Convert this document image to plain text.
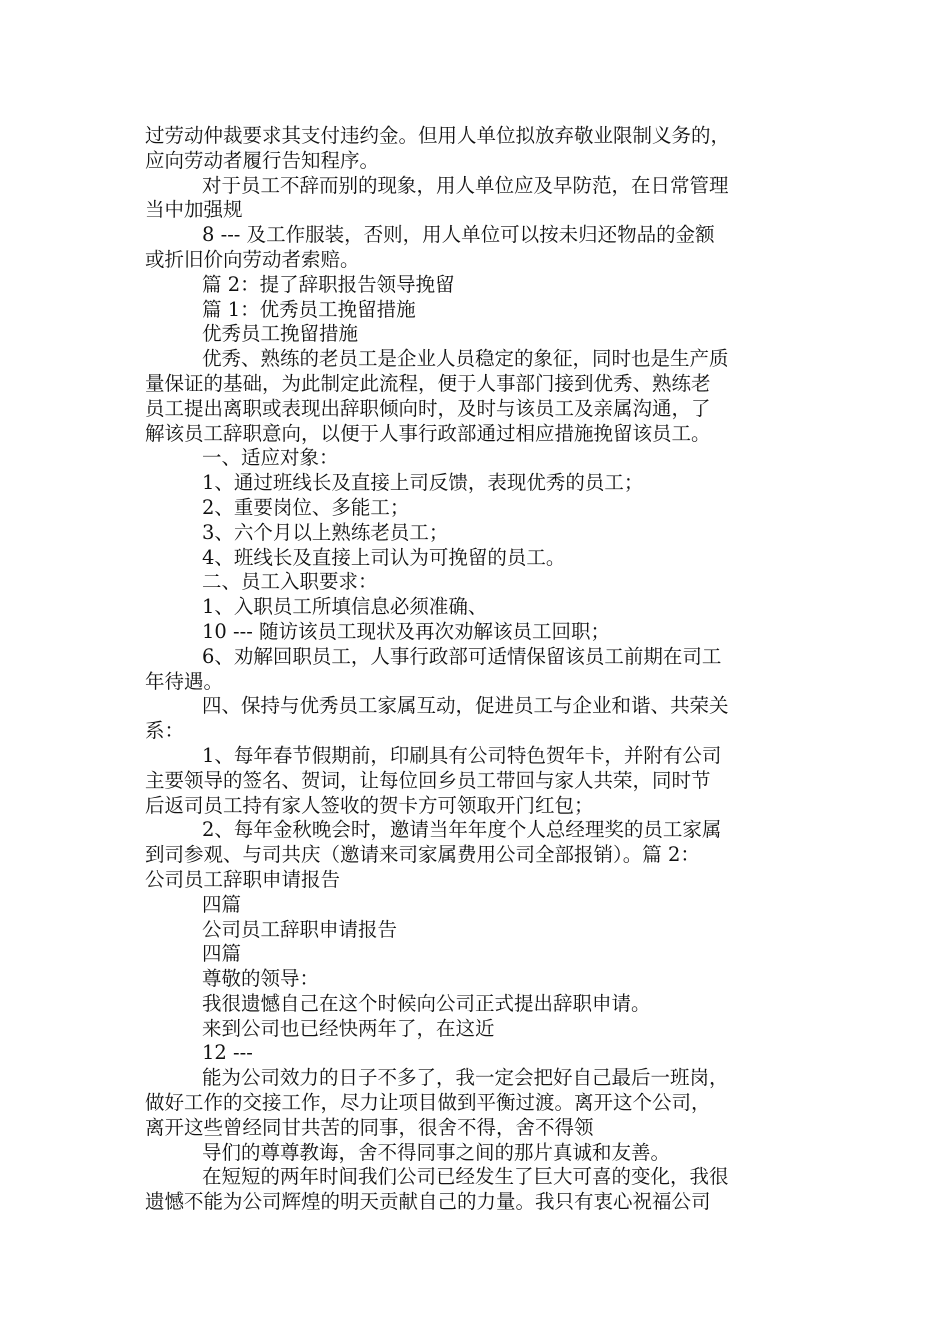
过劳动仲裁要求其支付违约金。但用人单位拟放弃敬业限制义务的，
应向劳动者履行告知程序。
对于员工不辞而别的现象，用人单位应及早防范，在日常管理
当中加强规
8 --- 及工作服装，否则，用人单位可以按未归还物品的金额
或折旧价向劳动者索赔。
篇 2：提了辞职报告领导挽留
篇 1：优秀员工挽留措施
优秀员工挽留措施
优秀、熟练的老员工是企业人员稳定的象征，同时也是生产质
量保证的基础，为此制定此流程，便于人事部门接到优秀、熟练老
员工提出离职或表现出辞职倾向时，及时与该员工及亲属沟通，了
解该员工辞职意向，以便于人事行政部通过相应措施挽留该员工。
一、适应对象：
1、通过班线长及直接上司反馈，表现优秀的员工；
2、重要岗位、多能工；
3、六个月以上熟练老员工；
4、班线长及直接上司认为可挽留的员工。
二、员工入职要求：
1、入职员工所填信息必须准确、
10 --- 随访该员工现状及再次劝解该员工回职；
6、劝解回职员工，人事行政部可适情保留该员工前期在司工
年待遇。
四、保持与优秀员工家属互动，促进员工与企业和谐、共荣关
系：
1、每年春节假期前，印刷具有公司特色贺年卡，并附有公司
主要领导的签名、贺词，让每位回乡员工带回与家人共荣，同时节
后返司员工持有家人签收的贺卡方可领取开门红包；
2、每年金秋晚会时，邀请当年年度个人总经理奖的员工家属
到司参观、与司共庆（邀请来司家属费用公司全部报销）。篇 2：
公司员工辞职申请报告
四篇
公司员工辞职申请报告
四篇
尊敬的领导：
我很遗憾自己在这个时候向公司正式提出辞职申请。
来到公司也已经快两年了，在这近
12 ---
能为公司效力的日子不多了，我一定会把好自己最后一班岗，
做好工作的交接工作，尽力让项目做到平衡过渡。离开这个公司，
离开这些曾经同甘共苦的同事，很舍不得，舍不得领
导们的尊尊教诲，舍不得同事之间的那片真诚和友善。
在短短的两年时间我们公司已经发生了巨大可喜的变化，我很
遗憾不能为公司辉煌的明天贡献自己的力量。我只有衷心祝福公司
